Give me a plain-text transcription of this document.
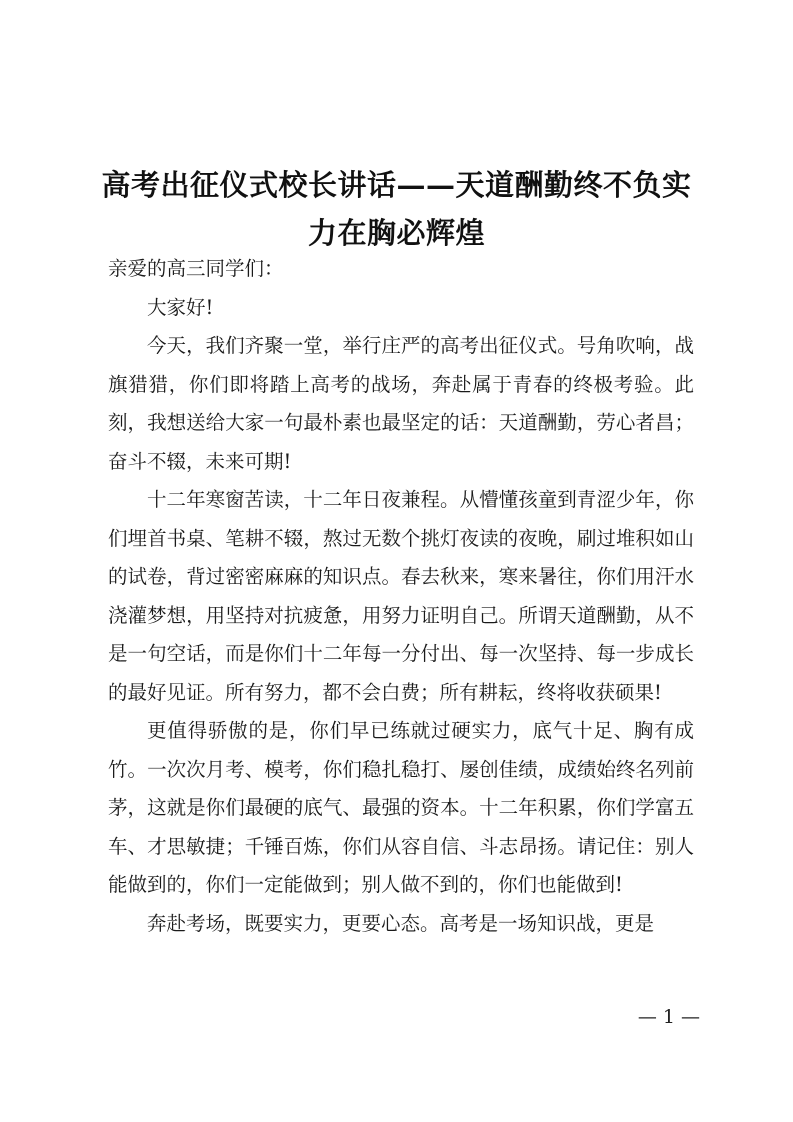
高考出征仪式校长讲话——天道酬勤终不负实力在胸必辉煌

亲爱的高三同学们：

大家好!

今天，我们齐聚一堂，举行庄严的高考出征仪式。号角吹响，战旗猎猎，你们即将踏上高考的战场，奔赴属于青春的终极考验。此刻，我想送给大家一句最朴素也最坚定的话：天道酬勤，劳心者昌；奋斗不辍，未来可期!

十二年寒窗苦读，十二年日夜兼程。从懵懂孩童到青涩少年，你们埋首书桌、笔耕不辍，熬过无数个挑灯夜读的夜晚，刷过堆积如山的试卷，背过密密麻麻的知识点。春去秋来，寒来暑往，你们用汗水浇灌梦想，用坚持对抗疲惫，用努力证明自己。所谓天道酬勤，从不是一句空话，而是你们十二年每一分付出、每一次坚持、每一步成长的最好见证。所有努力，都不会白费；所有耕耘，终将收获硕果!

更值得骄傲的是，你们早已练就过硬实力，底气十足、胸有成竹。一次次月考、模考，你们稳扎稳打、屡创佳绩，成绩始终名列前茅，这就是你们最硬的底气、最强的资本。十二年积累，你们学富五车、才思敏捷；千锤百炼，你们从容自信、斗志昂扬。请记住：别人能做到的，你们一定能做到；别人做不到的，你们也能做到!

奔赴考场，既要实力，更要心态。高考是一场知识战，更是

— 1 —
